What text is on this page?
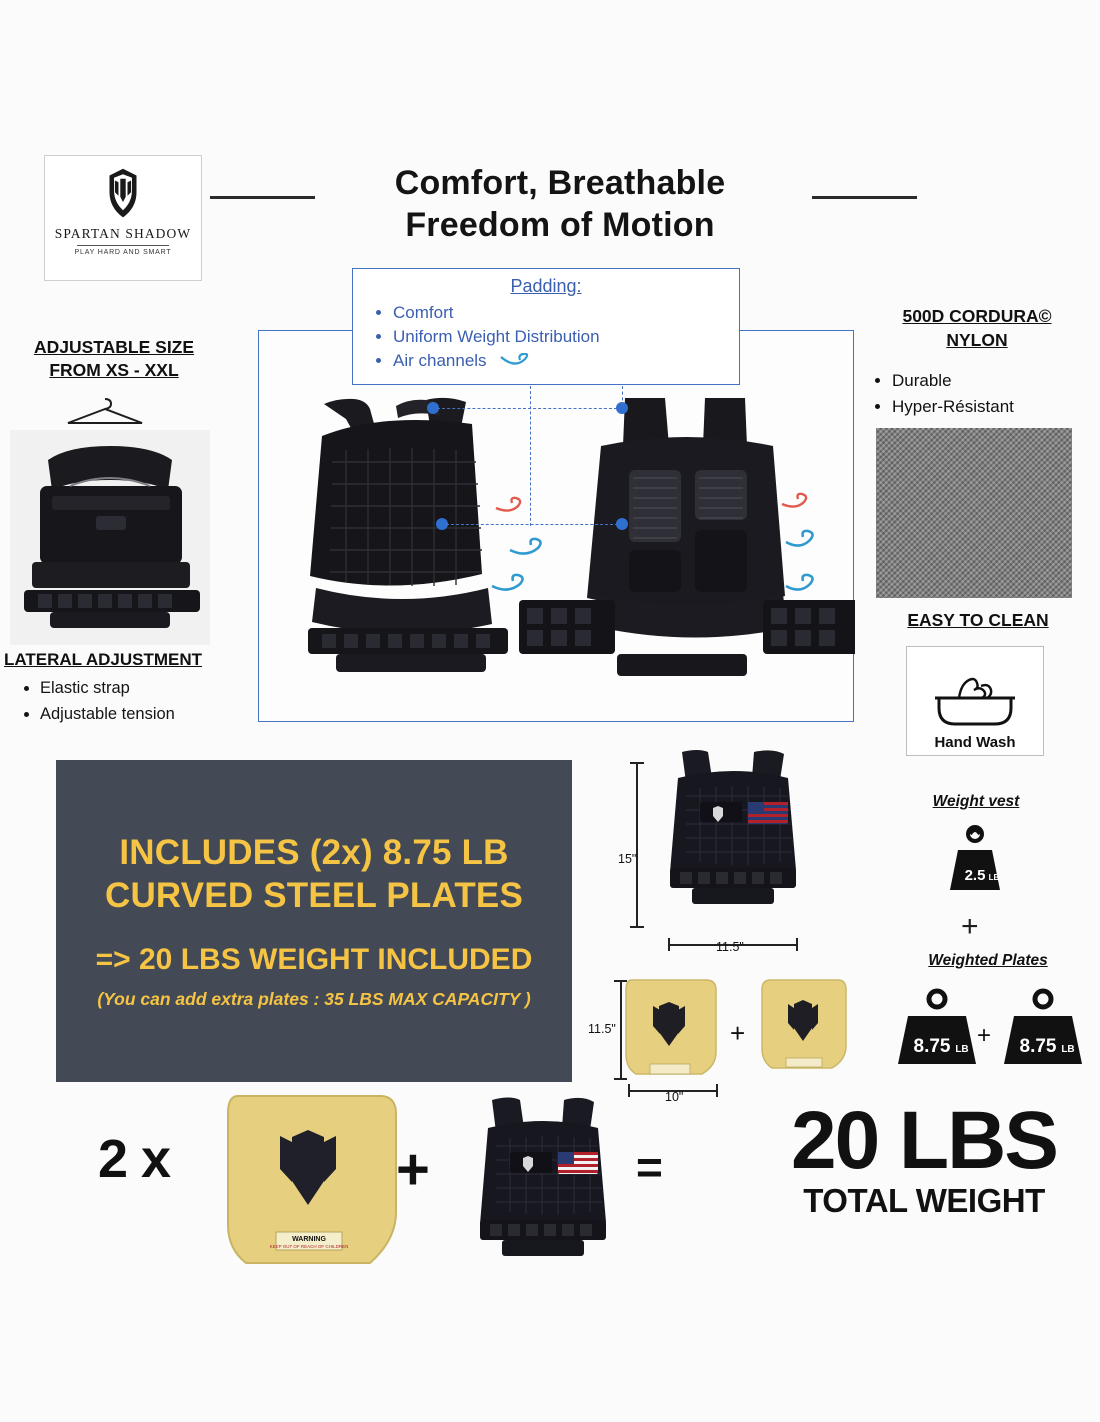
SPARTAN SHADOW
PLAY HARD AND SMART
Comfort, Breathable
Freedom of Motion
ADJUSTABLE SIZE
FROM XS - XXL
LATERAL ADJUSTMENT
• Elastic strap
• Adjustable tension
Padding:
• Comfort
• Uniform Weight Distribution
• Air channels
500D CORDURA©
NYLON
• Durable
• Hyper-Résistant
EASY TO CLEAN
Hand Wash
INCLUDES (2x) 8.75 LB
CURVED STEEL PLATES
=> 20 LBS WEIGHT INCLUDED
(You can add extra plates : 35 LBS MAX CAPACITY )
15"
11.5"
11.5"
10"
+
Weight vest
2.5 LB
+
Weighted Plates
8.75 LB
+ 8.75 LB
2 x
WARNING
KEEP OUT OF REACH OF CHILDREN
+	=	20 LBS
TOTAL WEIGHT
